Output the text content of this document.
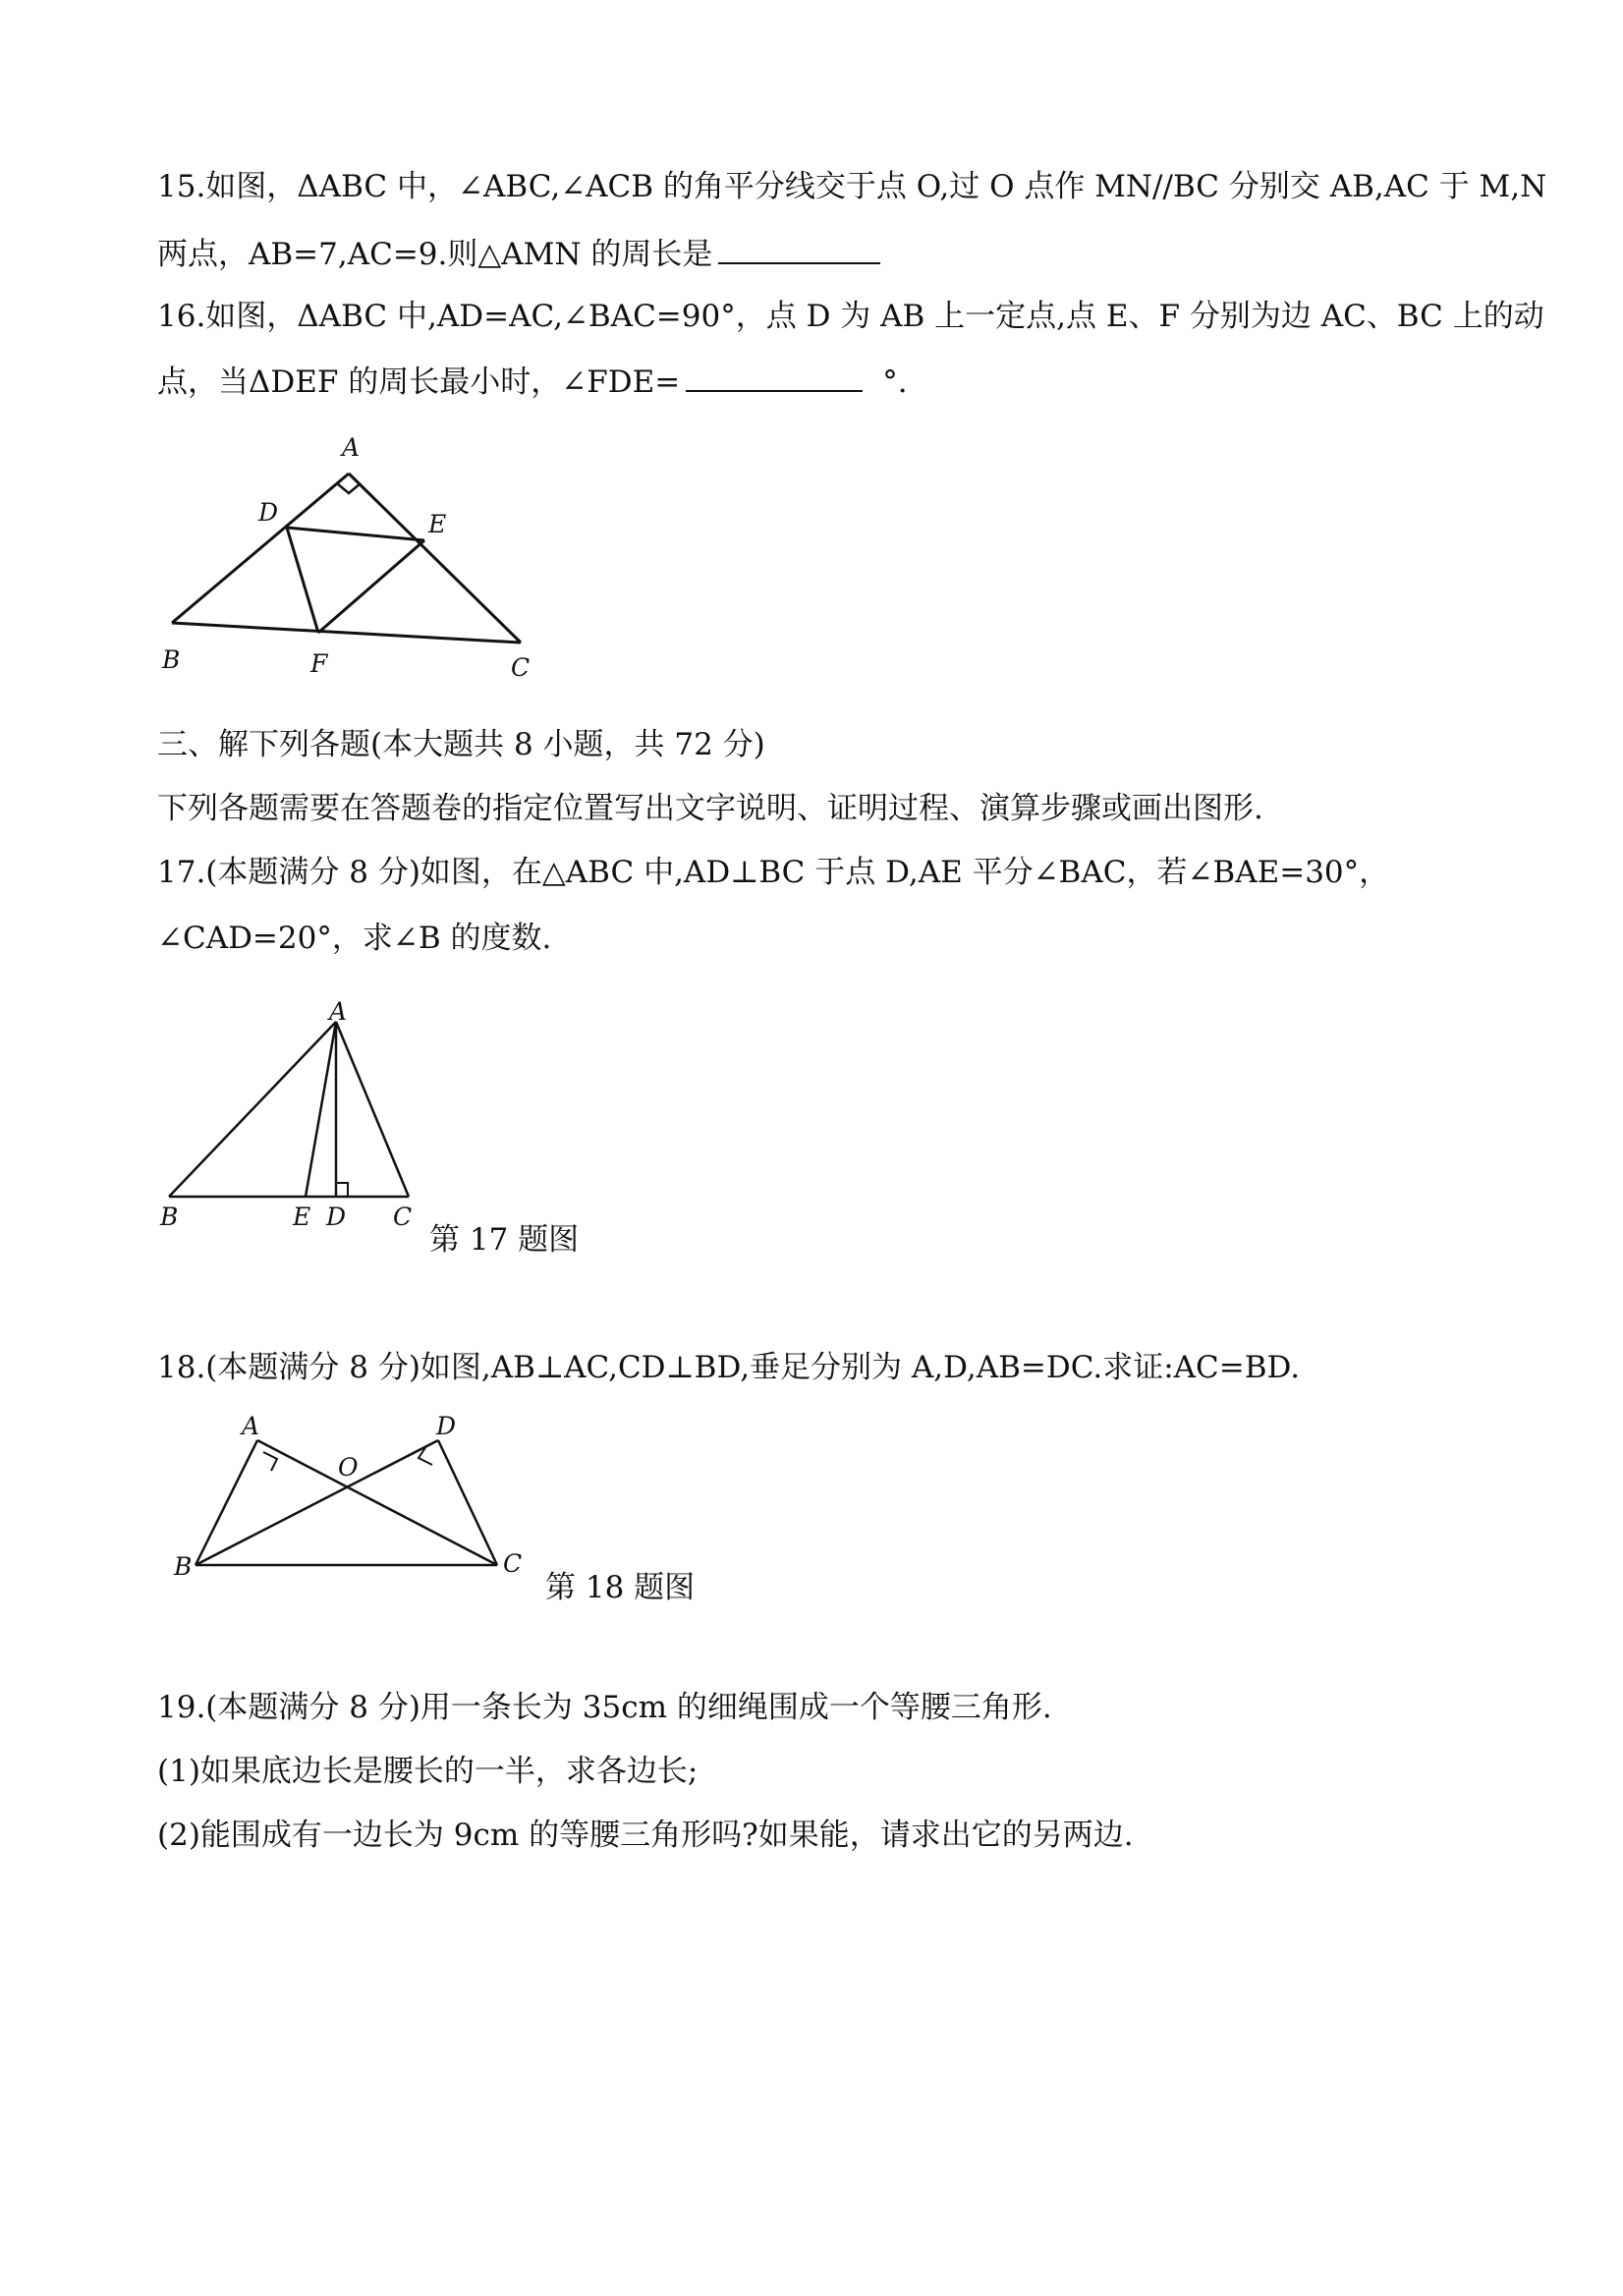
15.如图，ΔABC 中，∠ABC,∠ACB 的角平分线交于点 O,过 O 点作 MN//BC 分别交 AB,AC 于 M,N
两点，AB=7,AC=9.则△AMN 的周长是
16.如图，ΔABC 中,AD=AC,∠BAC=90°，点 D 为 AB 上一定点,点 E、F 分别为边 AC、BC 上的动
点，当ΔDEF 的周长最小时，∠FDE=	°.
A
D	E
B	F	C
A
B	E D C
A	D
O
B	C
三、解下列各题(本大题共 8 小题，共 72 分)
下列各题需要在答题卷的指定位置写出文字说明、证明过程、演算步骤或画出图形.
17.(本题满分 8 分)如图，在△ABC 中,AD⊥BC 于点 D,AE 平分∠BAC，若∠BAE=30°，
∠CAD=20°，求∠B 的度数.
第 17 题图
18.(本题满分 8 分)如图,AB⊥AC,CD⊥BD,垂足分别为 A,D,AB=DC.求证:AC=BD.
第 18 题图
19.(本题满分 8 分)用一条长为 35cm 的细绳围成一个等腰三角形.
(1)如果底边长是腰长的一半，求各边长;
(2)能围成有一边长为 9cm 的等腰三角形吗?如果能，请求出它的另两边.
